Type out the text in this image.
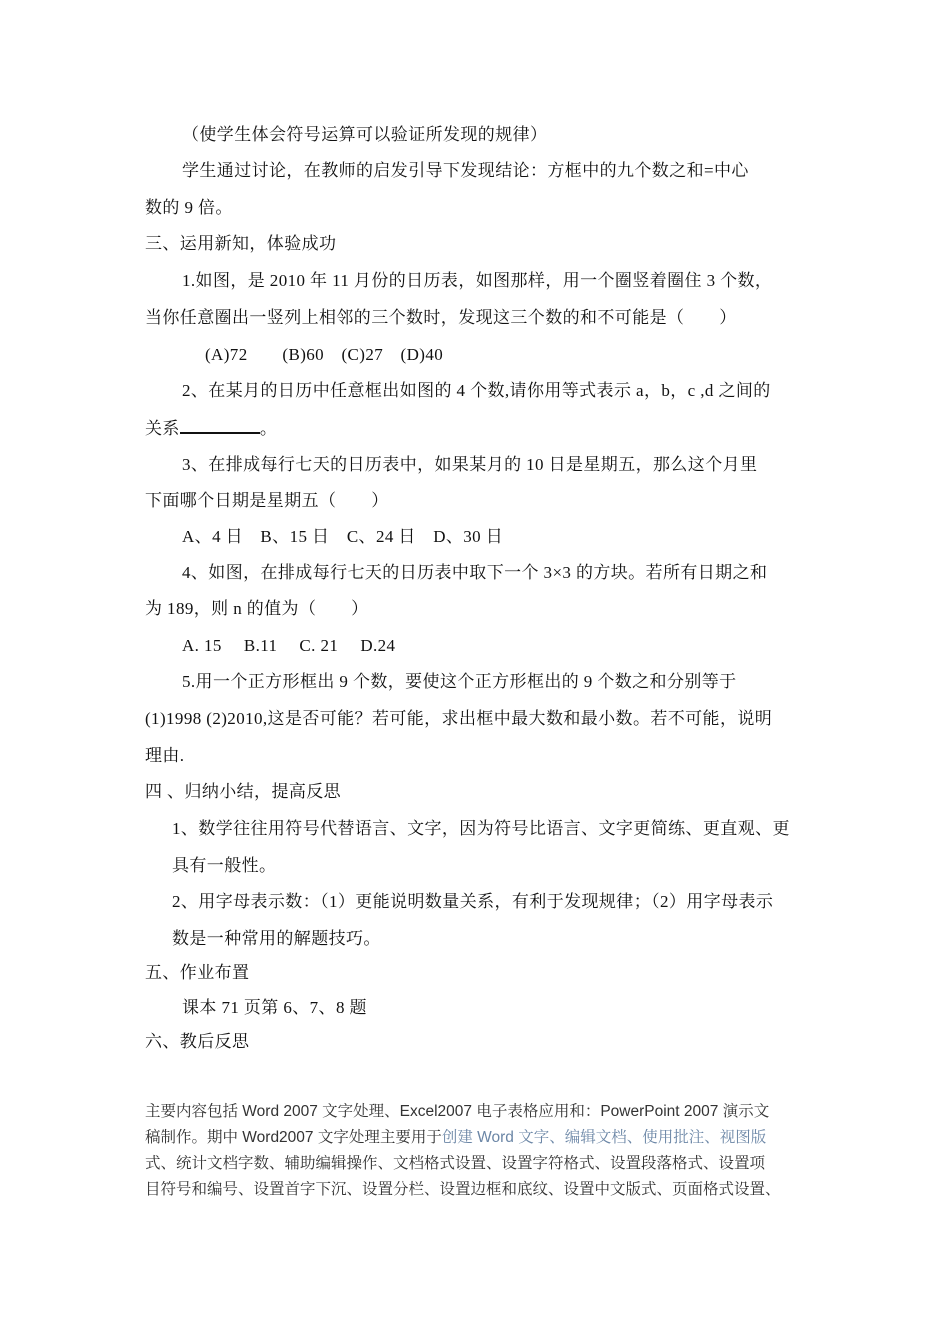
（使学生体会符号运算可以验证所发现的规律）
学生通过讨论，在教师的启发引导下发现结论：方框中的九个数之和=中心
数的 9 倍。
三、运用新知，体验成功
1.如图，是 2010 年 11 月份的日历表，如图那样，用一个圈竖着圈住 3 个数，
当你任意圈出一竖列上相邻的三个数时，发现这三个数的和不可能是（　　）
(A)72　　(B)60　(C)27　(D)40
2、在某月的日历中任意框出如图的 4 个数,请你用等式表示 a，b，c ,d 之间的
关系	。
3、在排成每行七天的日历表中，如果某月的 10 日是星期五，那么这个月里
下面哪个日期是星期五（　　）
A、4 日　B、15 日　C、24 日　D、30 日
4、如图，在排成每行七天的日历表中取下一个 3×3 的方块。若所有日期之和
为 189，则 n 的值为（　　）
A. 15　 B.11　 C. 21　 D.24
5.用一个正方形框出 9 个数，要使这个正方形框出的 9 个数之和分别等于
(1)1998 (2)2010,这是否可能？若可能，求出框中最大数和最小数。若不可能，说明
理由.
四 、归纳小结，提高反思
1、数学往往用符号代替语言、文字，因为符号比语言、文字更简练、更直观、更
具有一般性。
2、用字母表示数：（1）更能说明数量关系，有利于发现规律；（2）用字母表示
数是一种常用的解题技巧。
五、作业布置
课本 71 页第 6、7、8 题
六、教后反思
主要内容包括 Word 2007 文字处理、Excel2007 电子表格应用和：PowerPoint 2007 演示文
稿制作。期中 Word2007 文字处理主要用于创建 Word 文字、编辑文档、使用批注、视图版
式、统计文档字数、辅助编辑操作、文档格式设置、设置字符格式、设置段落格式、设置项
目符号和编号、设置首字下沉、设置分栏、设置边框和底纹、设置中文版式、页面格式设置、
